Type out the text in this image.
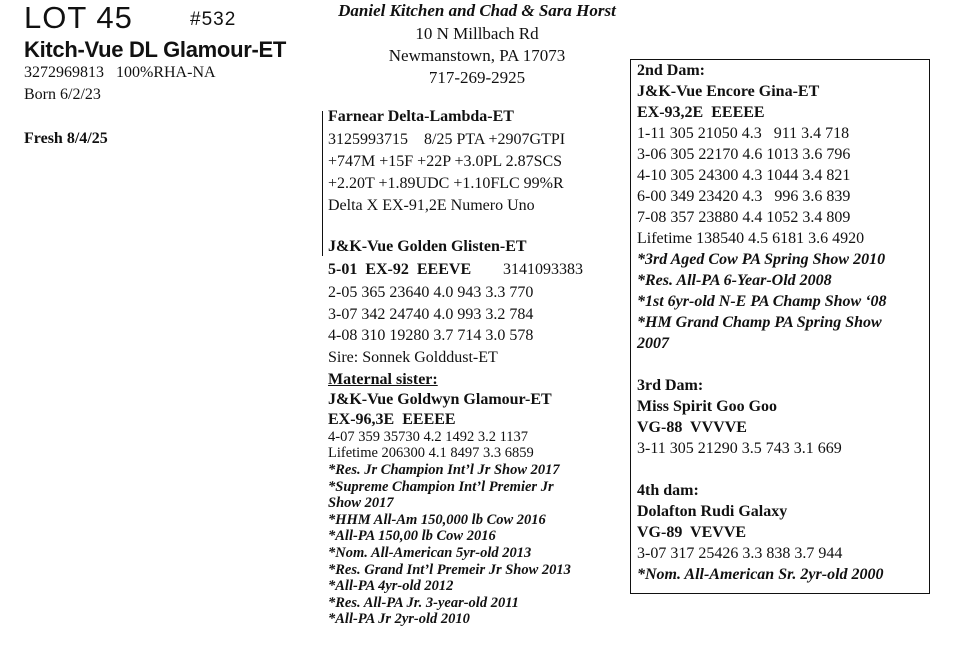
LOT 45	#532
Kitch-Vue DL Glamour-ET
3272969813   100%RHA-NA
Born 6/2/23
Fresh 8/4/25
Daniel Kitchen and Chad & Sara Horst
10 N Millbach Rd
Newmanstown, PA 17073
717-269-2925
Farnear Delta-Lambda-ET
3125993715    8/25 PTA +2907GTPI
+747M +15F +22P +3.0PL 2.87SCS
+2.20T +1.89UDC +1.10FLC 99%R
Delta X EX-91,2E Numero Uno
J&K-Vue Golden Glisten-ET
5-01  EX-92  EEEVE 3141093383
2-05 365 23640 4.0 943 3.3 770
3-07 342 24740 4.0 993 3.2 784
4-08 310 19280 3.7 714 3.0 578
Sire: Sonnek Golddust-ET
Maternal sister:
J&K-Vue Goldwyn Glamour-ET
EX-96,3E  EEEEE
4-07 359 35730 4.2 1492 3.2 1137
Lifetime 206300 4.1 8497 3.3 6859
*Res. Jr Champion Int’l Jr Show 2017
*Supreme Champion Int’l Premier Jr
Show 2017
*HHM All-Am 150,000 lb Cow 2016
*All-PA 150,00 lb Cow 2016
*Nom. All-American 5yr-old 2013
*Res. Grand Int’l Premeir Jr Show 2013
*All-PA 4yr-old 2012
*Res. All-PA Jr. 3-year-old 2011
*All-PA Jr 2yr-old 2010
2nd Dam:
J&K-Vue Encore Gina-ET
EX-93,2E  EEEEE
1-11 305 21050 4.3   911 3.4 718
3-06 305 22170 4.6 1013 3.6 796
4-10 305 24300 4.3 1044 3.4 821
6-00 349 23420 4.3   996 3.6 839
7-08 357 23880 4.4 1052 3.4 809
Lifetime 138540 4.5 6181 3.6 4920
*3rd Aged Cow PA Spring Show 2010
*Res. All-PA 6-Year-Old 2008
*1st 6yr-old N-E PA Champ Show ‘08
*HM Grand Champ PA Spring Show
2007
3rd Dam:
Miss Spirit Goo Goo
VG-88  VVVVE
3-11 305 21290 3.5 743 3.1 669
4th dam:
Dolafton Rudi Galaxy
VG-89  VEVVE
3-07 317 25426 3.3 838 3.7 944
*Nom. All-American Sr. 2yr-old 2000
